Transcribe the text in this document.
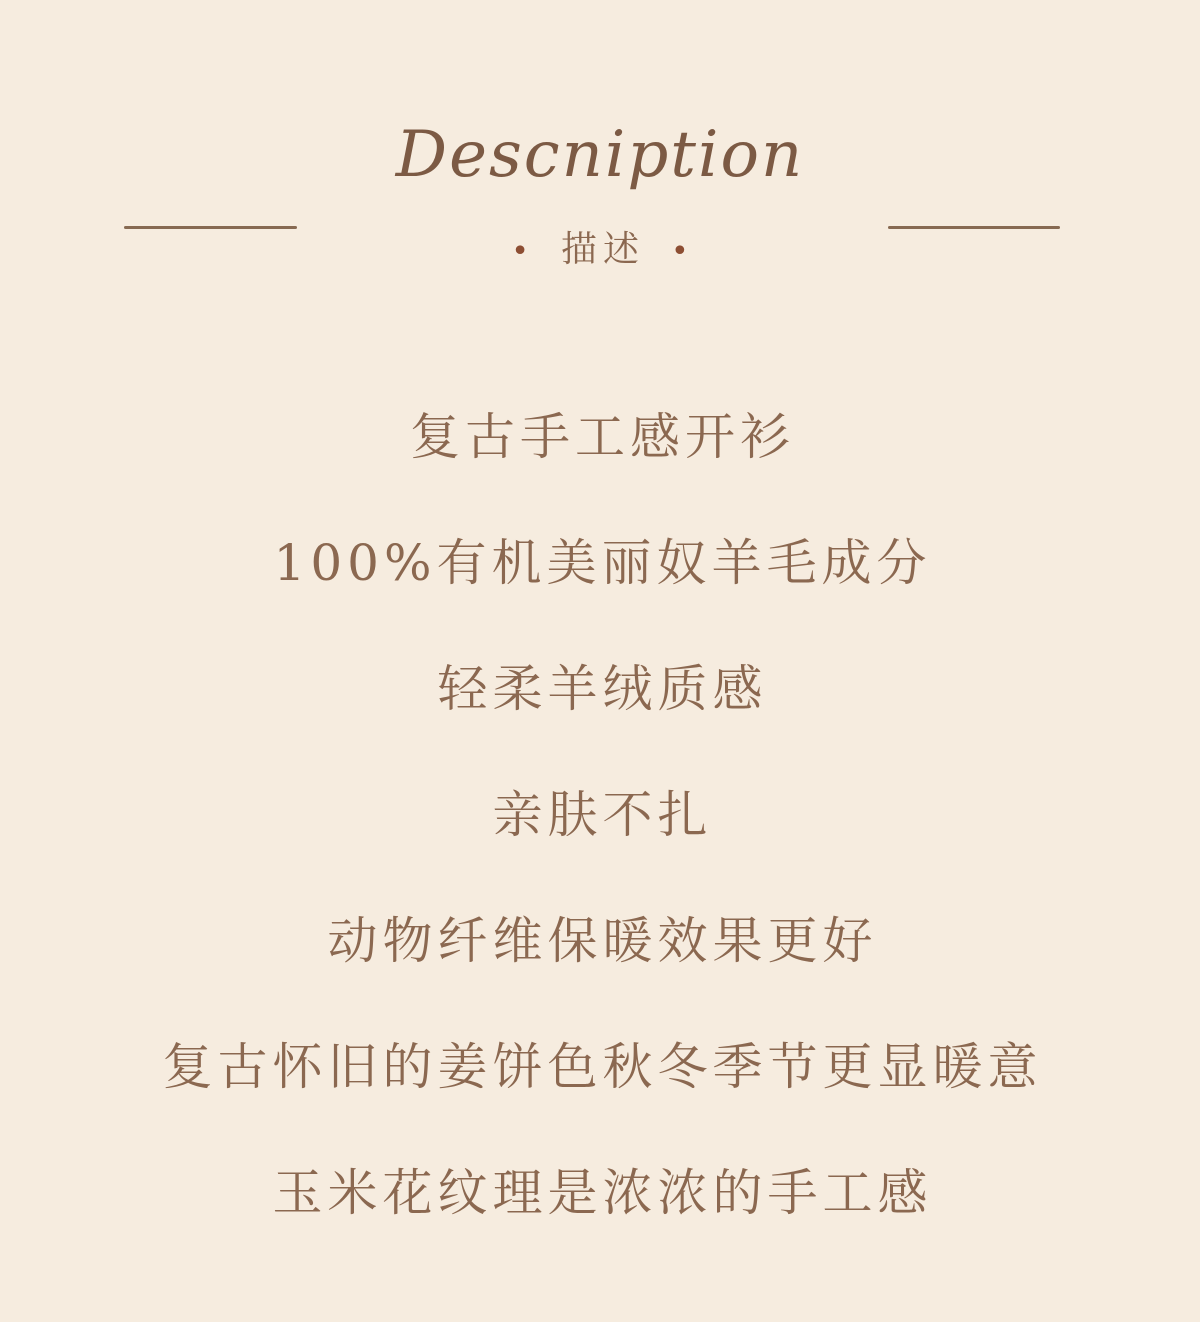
Descniption
• 描述 •
复古手工感开衫
100%有机美丽奴羊毛成分
轻柔羊绒质感
亲肤不扎
动物纤维保暖效果更好
复古怀旧的姜饼色秋冬季节更显暖意
玉米花纹理是浓浓的手工感
